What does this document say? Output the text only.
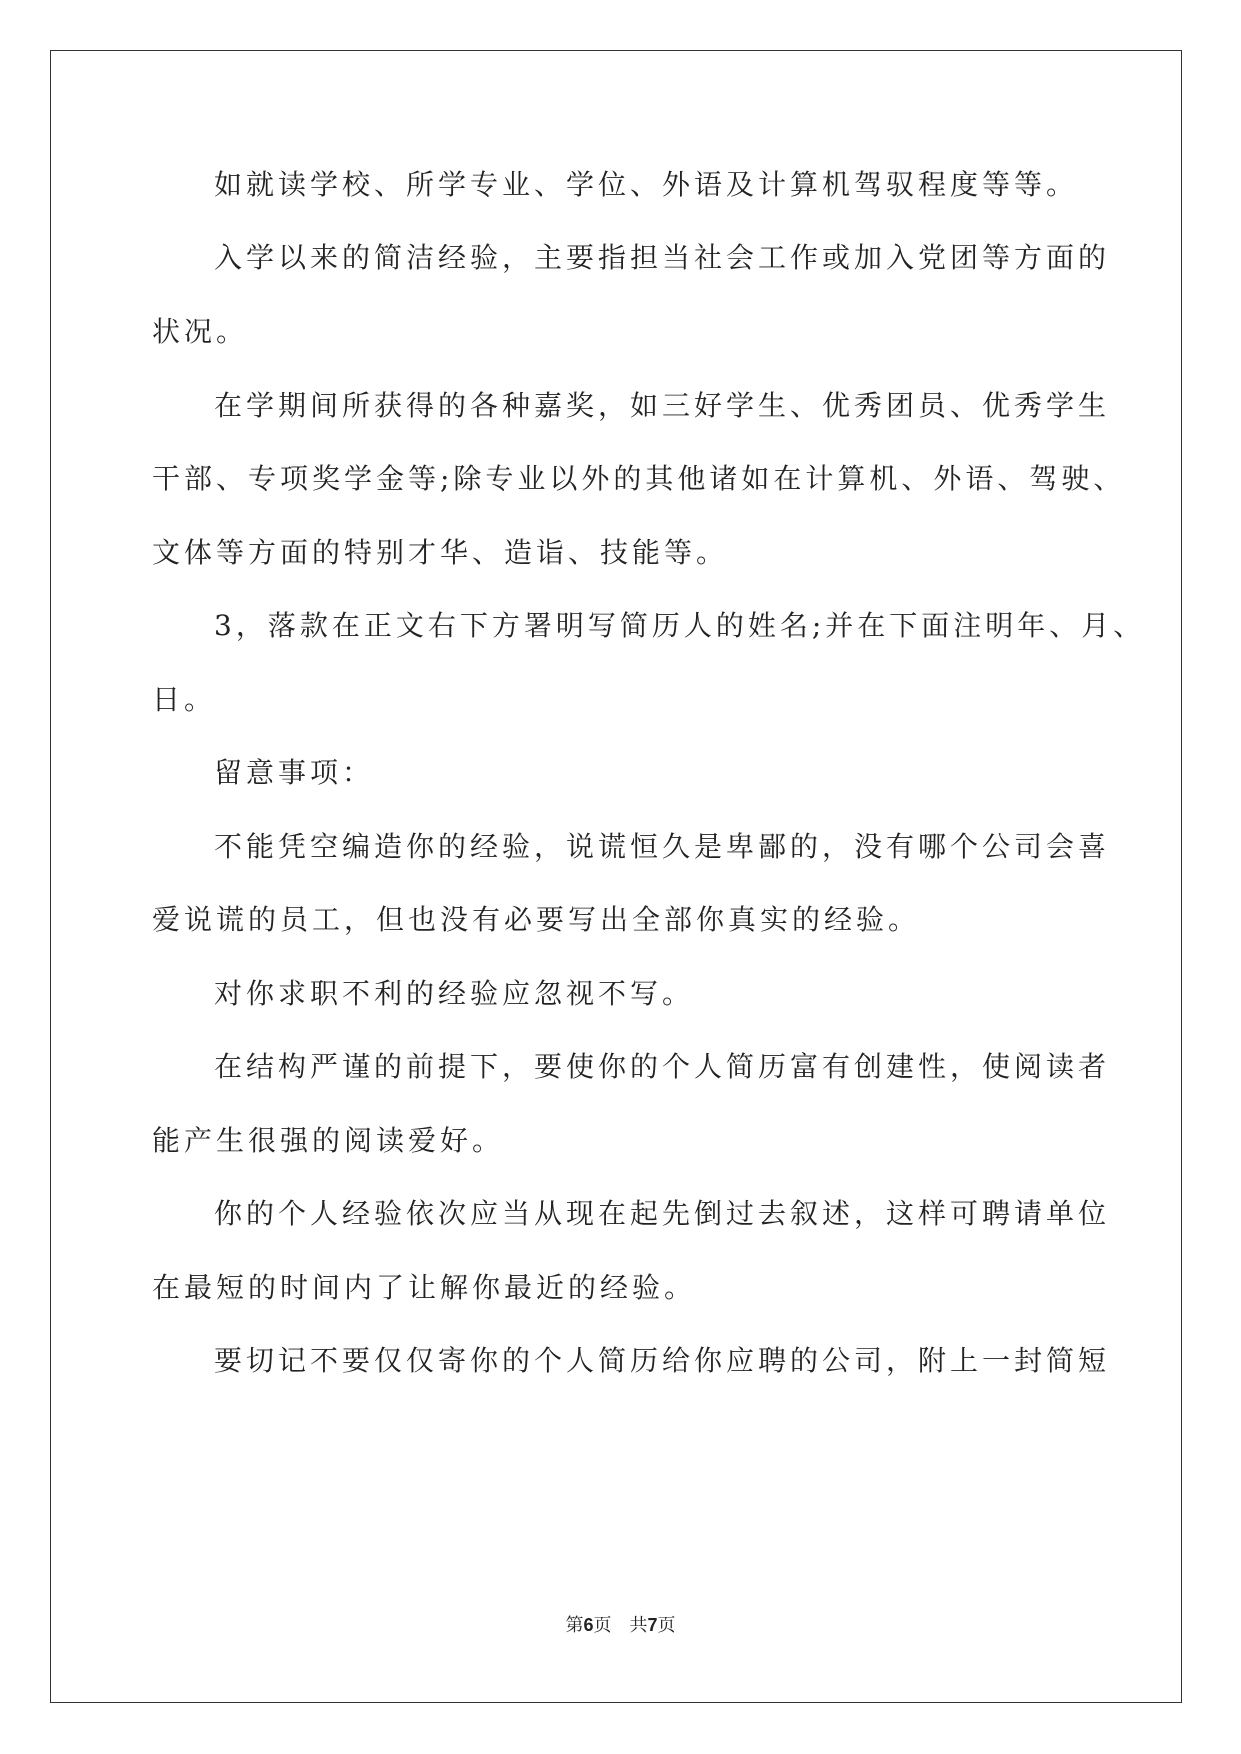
如就读学校、所学专业、学位、外语及计算机驾驭程度等等。
入学以来的简洁经验，主要指担当社会工作或加入党团等方面的
状况。
在学期间所获得的各种嘉奖，如三好学生、优秀团员、优秀学生
干部、专项奖学金等;除专业以外的其他诸如在计算机、外语、驾驶、
文体等方面的特别才华、造诣、技能等。
3，落款在正文右下方署明写简历人的姓名;并在下面注明年、月、
日。
留意事项：
不能凭空编造你的经验，说谎恒久是卑鄙的，没有哪个公司会喜
爱说谎的员工，但也没有必要写出全部你真实的经验。
对你求职不利的经验应忽视不写。
在结构严谨的前提下，要使你的个人简历富有创建性，使阅读者
能产生很强的阅读爱好。
你的个人经验依次应当从现在起先倒过去叙述，这样可聘请单位
在最短的时间内了让解你最近的经验。
要切记不要仅仅寄你的个人简历给你应聘的公司，附上一封简短
第6页 共7页
